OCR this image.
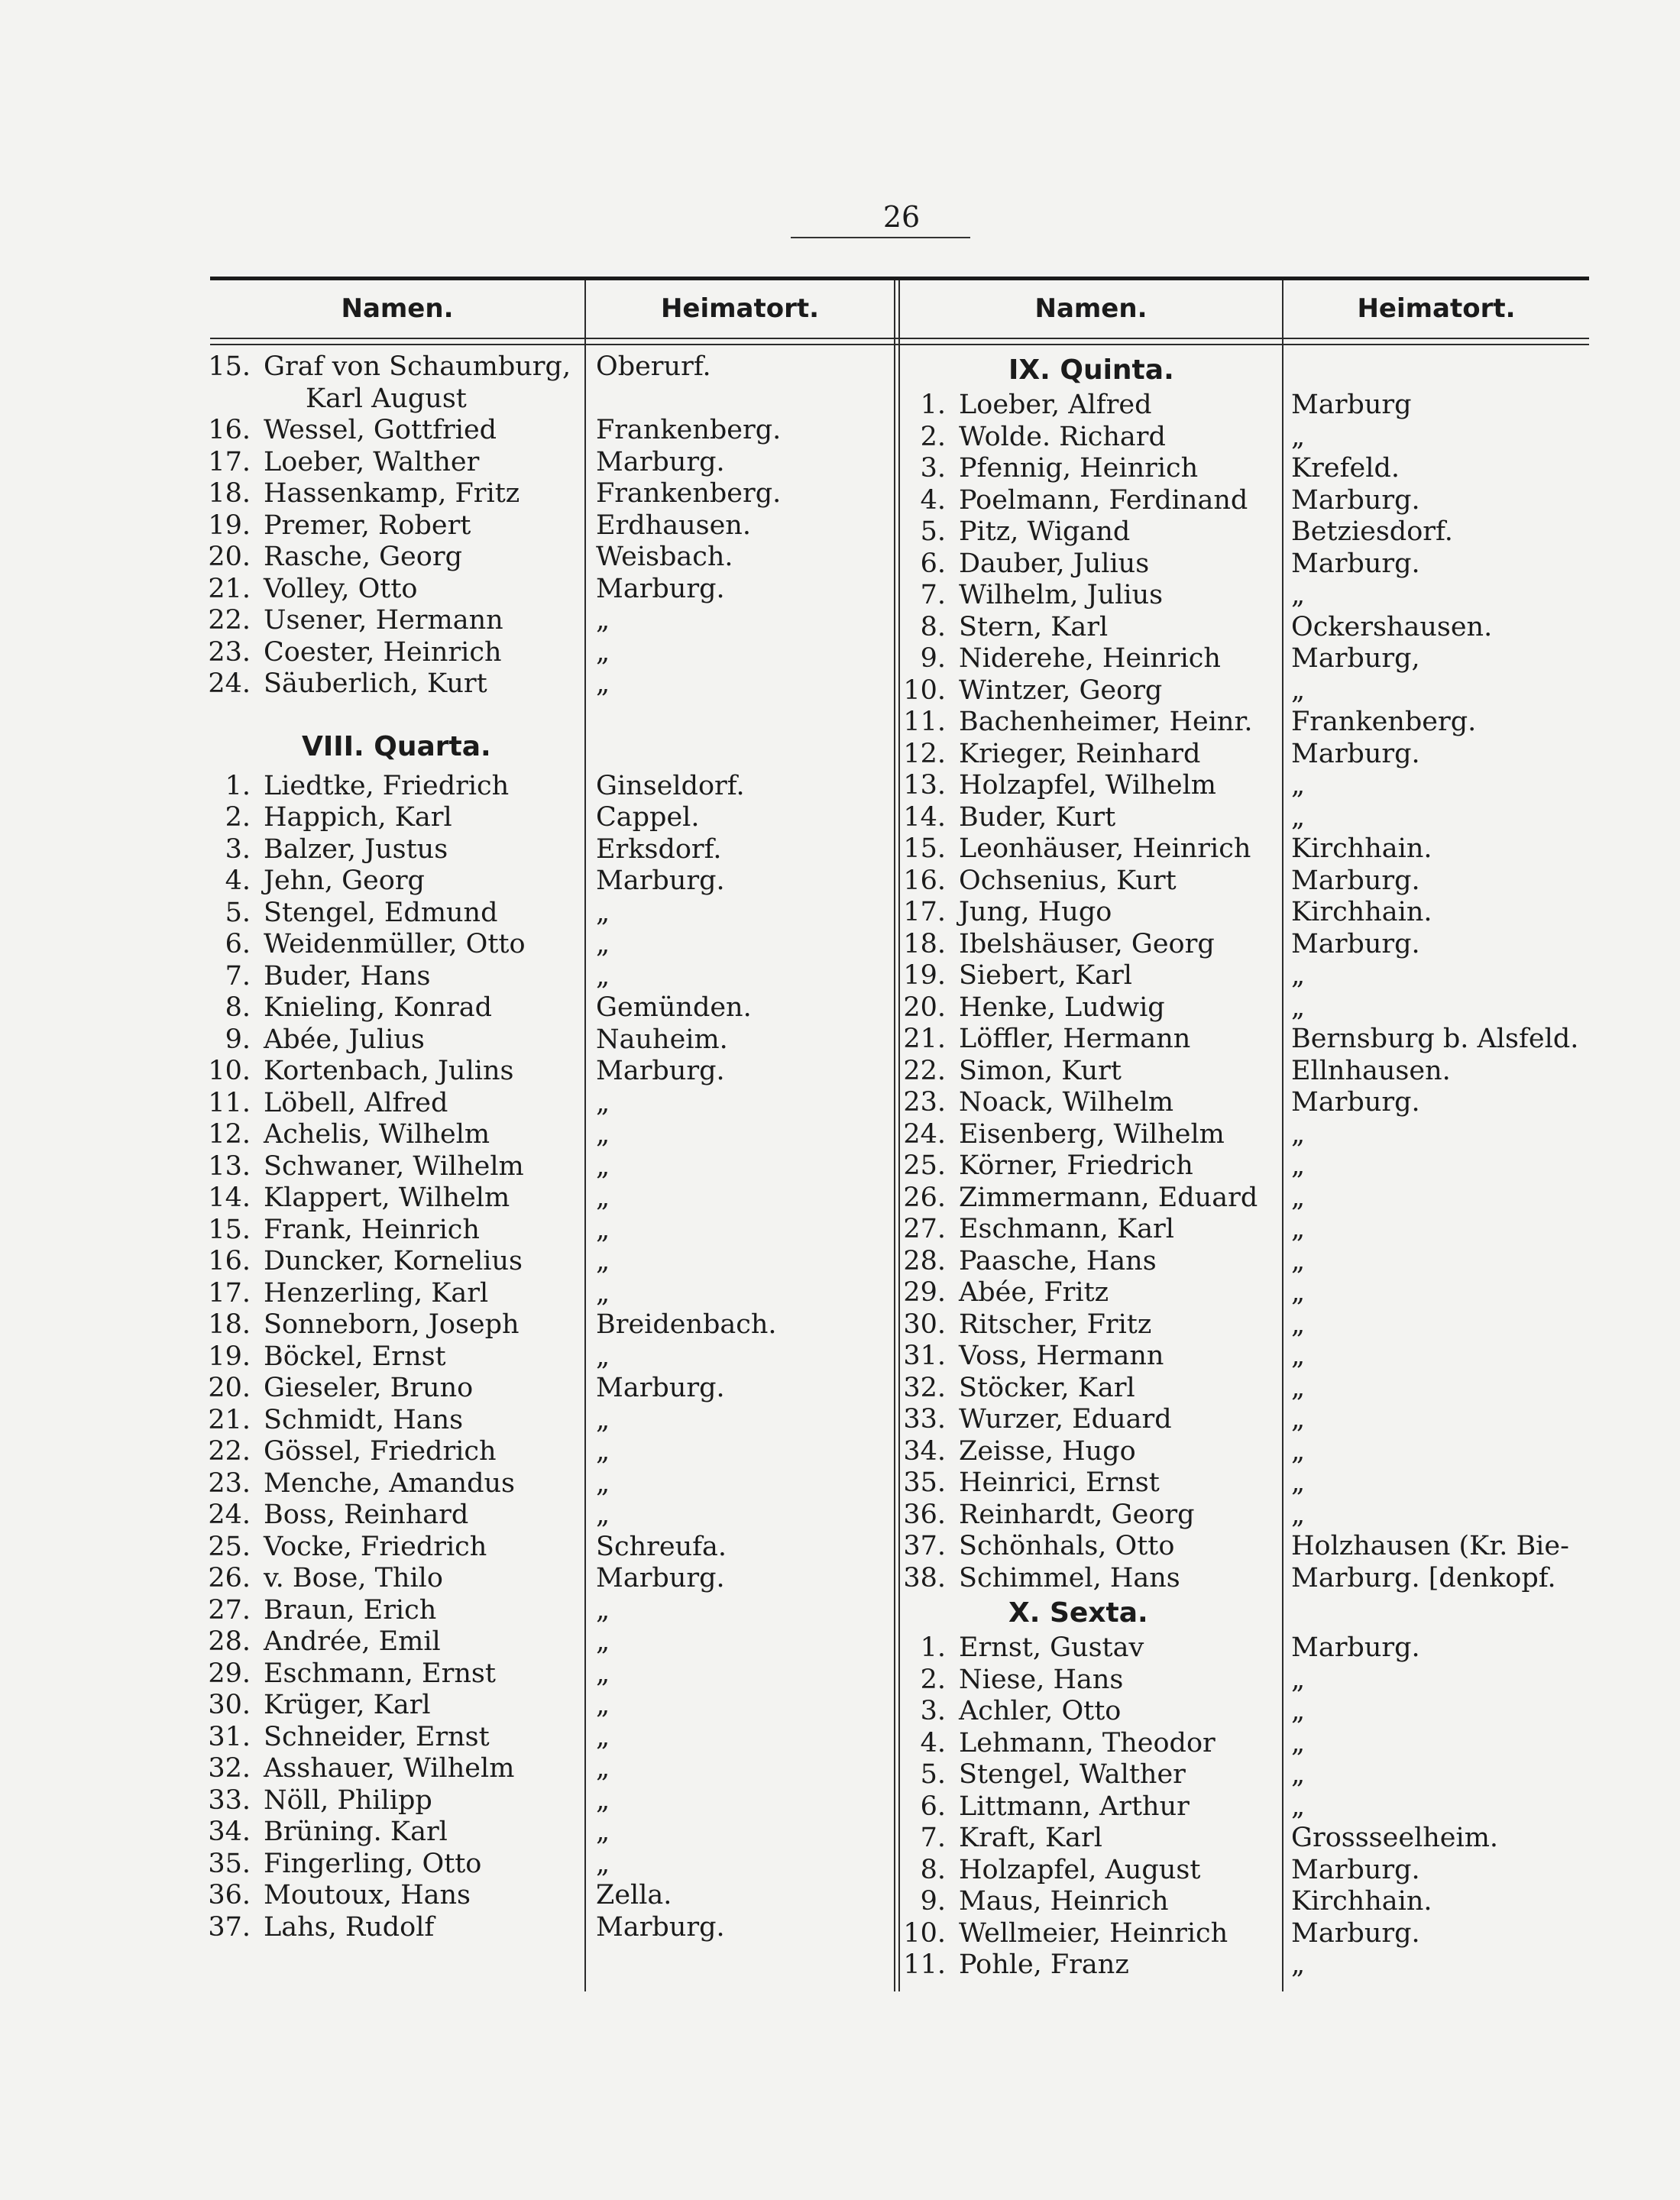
26
Namen.	Heimatort.	Namen.	Heimatort.
15. Graf von Schaumburg, Oberurf.
Karl August
16. Wessel, Gottfried	Frankenberg.
17. Loeber, Walther	Marburg.
18. Hassenkamp, Fritz	Frankenberg.
19. Premer, Robert	Erdhausen.
20. Rasche, Georg	Weisbach.
21. Volley, Otto	Marburg.
22. Usener, Hermann	„
23. Coester, Heinrich	„
24. Säuberlich, Kurt	„
VIII. Quarta.
1. Liedtke, Friedrich	Ginseldorf.
2. Happich, Karl	Cappel.
3. Balzer, Justus	Erksdorf.
4. Jehn, Georg	Marburg.
5. Stengel, Edmund	„
6. Weidenmüller, Otto	„
7. Buder, Hans	„
8. Knieling, Konrad	Gemünden.
9. Abée, Julius	Nauheim.
10. Kortenbach, Julins	Marburg.
11. Löbell, Alfred	„
12. Achelis, Wilhelm	„
13. Schwaner, Wilhelm	„
14. Klappert, Wilhelm	„
15. Frank, Heinrich	„
16. Duncker, Kornelius	„
17. Henzerling, Karl	„
18. Sonneborn, Joseph	Breidenbach.
19. Böckel, Ernst	„
20. Gieseler, Bruno	Marburg.
21. Schmidt, Hans	„
22. Gössel, Friedrich	„
23. Menche, Amandus	„
24. Boss, Reinhard	„
25. Vocke, Friedrich	Schreufa.
26. v. Bose, Thilo	Marburg.
27. Braun, Erich	„
28. Andrée, Emil	„
29. Eschmann, Ernst	„
30. Krüger, Karl	„
31. Schneider, Ernst	„
32. Asshauer, Wilhelm	„
33. Nöll, Philipp	„
34. Brüning. Karl	„
35. Fingerling, Otto	„
36. Moutoux, Hans	Zella.
37. Lahs, Rudolf	Marburg.
IX. Quinta.
1. Loeber, Alfred	Marburg
2. Wolde. Richard	„
3. Pfennig, Heinrich	Krefeld.
4. Poelmann, Ferdinand Marburg.
5. Pitz, Wigand	Betziesdorf.
6. Dauber, Julius	Marburg.
7. Wilhelm, Julius	„
8. Stern, Karl	Ockershausen.
9. Niderehe, Heinrich	Marburg,
10. Wintzer, Georg	„
11. Bachenheimer, Heinr. Frankenberg.
12. Krieger, Reinhard	Marburg.
13. Holzapfel, Wilhelm	„
14. Buder, Kurt	„
15. Leonhäuser, Heinrich Kirchhain.
16. Ochsenius, Kurt	Marburg.
17. Jung, Hugo	Kirchhain.
18. Ibelshäuser, Georg	Marburg.
19. Siebert, Karl	„
20. Henke, Ludwig	„
21. Löffler, Hermann	Bernsburg b. Alsfeld.
22. Simon, Kurt	Ellnhausen.
23. Noack, Wilhelm	Marburg.
24. Eisenberg, Wilhelm „
25. Körner, Friedrich	„
26. Zimmermann, Eduard „
27. Eschmann, Karl	„
28. Paasche, Hans	„
29. Abée, Fritz	„
30. Ritscher, Fritz	„
31. Voss, Hermann	„
32. Stöcker, Karl	„
33. Wurzer, Eduard	„
34. Zeisse, Hugo	„
35. Heinrici, Ernst	„
36. Reinhardt, Georg	„
37. Schönhals, Otto	Holzhausen (Kr. Bie-
38. Schimmel, Hans	Marburg. [denkopf.
X. Sexta.
1. Ernst, Gustav	Marburg.
2. Niese, Hans	„
3. Achler, Otto	„
4. Lehmann, Theodor	„
5. Stengel, Walther	„
6. Littmann, Arthur	„
7. Kraft, Karl	Grossseelheim.
8. Holzapfel, August	Marburg.
9. Maus, Heinrich	Kirchhain.
10. Wellmeier, Heinrich Marburg.
11. Pohle, Franz	„
